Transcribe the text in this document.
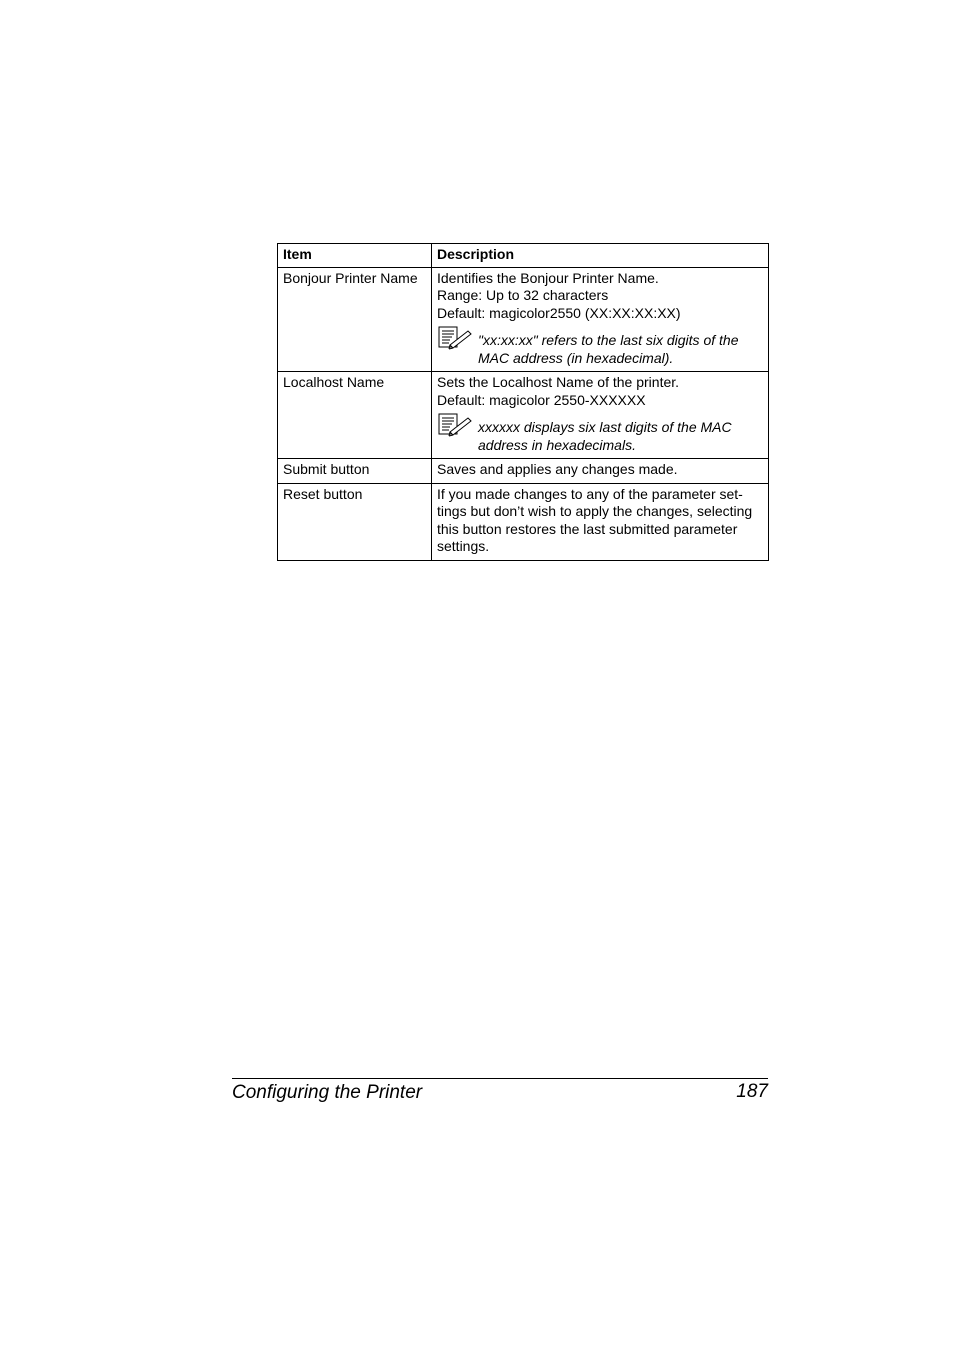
Item	Description
Bonjour Printer Name	Identifies the Bonjour Printer Name.
Range: Up to 32 characters
Default: magicolor2550 (XX:XX:XX:XX)
"xx:xx:xx" refers to the last six digits of the MAC address (in hexadecimal).

Localhost Name	Sets the Localhost Name of the printer.
Default: magicolor 2550-XXXXXX
xxxxxx displays six last digits of the MAC address in hexadecimals.

Submit button	Saves and applies any changes made.

Reset button	If you made changes to any of the parameter set-
tings but don’t wish to apply the changes, selecting
this button restores the last submitted parameter
settings.
Configuring the Printer	187
